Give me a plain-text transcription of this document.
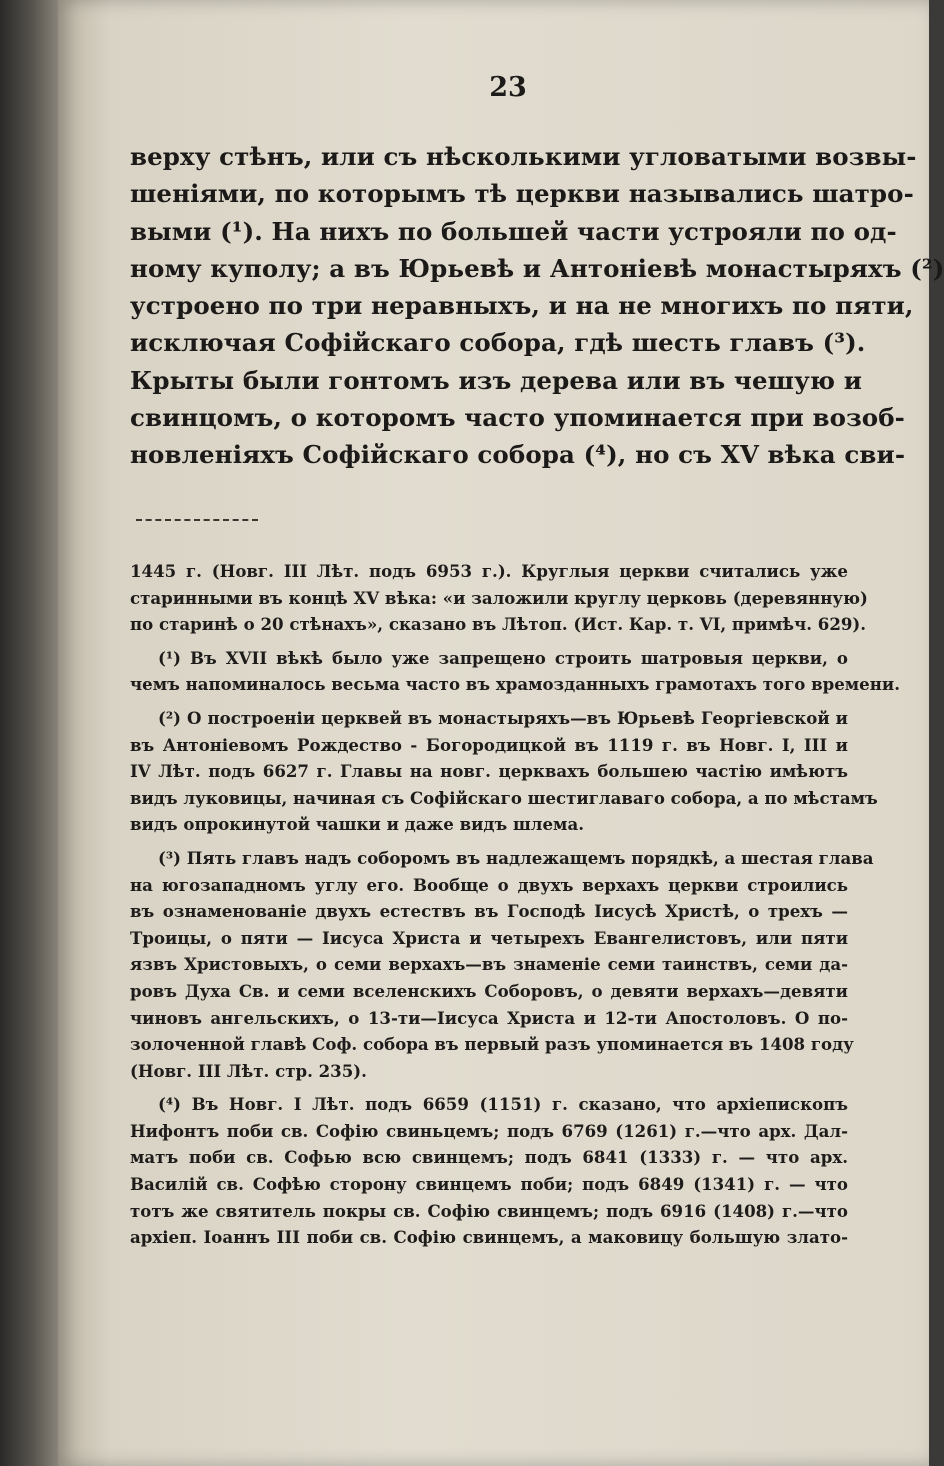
23
верху стѣнъ, или съ нѣсколькими угловатыми возвы-
шеніями, по которымъ тѣ церкви назывались шатро-
выми (¹). На нихъ по большей части устрояли по од-
ному куполу; а въ Юрьевѣ и Антоніевѣ монастыряхъ (²)
устроено по три неравныхъ, и на не многихъ по пяти,
исключая Софійскаго собора, гдѣ шесть главъ (³).
Крыты были гонтомъ изъ дерева или въ чешую и
свинцомъ, о которомъ часто упоминается при возоб-
новленіяхъ Софійскаго собора (⁴), но съ XV вѣка сви-
1445 г. (Новг. III Лѣт. подъ 6953 г.). Круглыя церкви считались уже
старинными въ концѣ XV вѣка: «и заложили круглу церковь (деревянную)
по старинѣ о 20 стѣнахъ», сказано въ Лѣтоп. (Ист. Кар. т. VI, примѣч. 629).
(¹) Въ XVII вѣкѣ было уже запрещено строить шатровыя церкви, о
чемъ напоминалось весьма часто въ храмозданныхъ грамотахъ того времени.
(²) О построеніи церквей въ монастыряхъ—въ Юрьевѣ Георгіевской и
въ Антоніевомъ Рождество - Богородицкой въ 1119 г. въ Новг. I, III и
IV Лѣт. подъ 6627 г. Главы на новг. церквахъ большею частію имѣютъ
видъ луковицы, начиная съ Софійскаго шестиглаваго собора, а по мѣстамъ
видъ опрокинутой чашки и даже видъ шлема.
(³) Пять главъ надъ соборомъ въ надлежащемъ порядкѣ, а шестая глава
на югозападномъ углу его. Вообще о двухъ верхахъ церкви строились
въ ознаменованіе двухъ естествъ въ Господѣ Іисусѣ Христѣ, о трехъ —
Троицы, о пяти — Іисуса Христа и четырехъ Евангелистовъ, или пяти
язвъ Христовыхъ, о семи верхахъ—въ знаменіе семи таинствъ, семи да-
ровъ Духа Св. и семи вселенскихъ Соборовъ, о девяти верхахъ—девяти
чиновъ ангельскихъ, о 13-ти—Іисуса Христа и 12-ти Апостоловъ. О по-
золоченной главѣ Соф. собора въ первый разъ упоминается въ 1408 году
(Новг. III Лѣт. стр. 235).
(⁴) Въ Новг. I Лѣт. подъ 6659 (1151) г. сказано, что архіепископъ
Нифонтъ поби св. Софію свиньцемъ; подъ 6769 (1261) г.—что арх. Дал-
матъ поби св. Софью всю свинцемъ; подъ 6841 (1333) г. — что арх.
Василій св. Софѣю сторону свинцемъ поби; подъ 6849 (1341) г. — что
тотъ же святитель покры св. Софію свинцемъ; подъ 6916 (1408) г.—что
архіеп. Іоаннъ III поби св. Софію свинцемъ, а маковицу большую злато-
